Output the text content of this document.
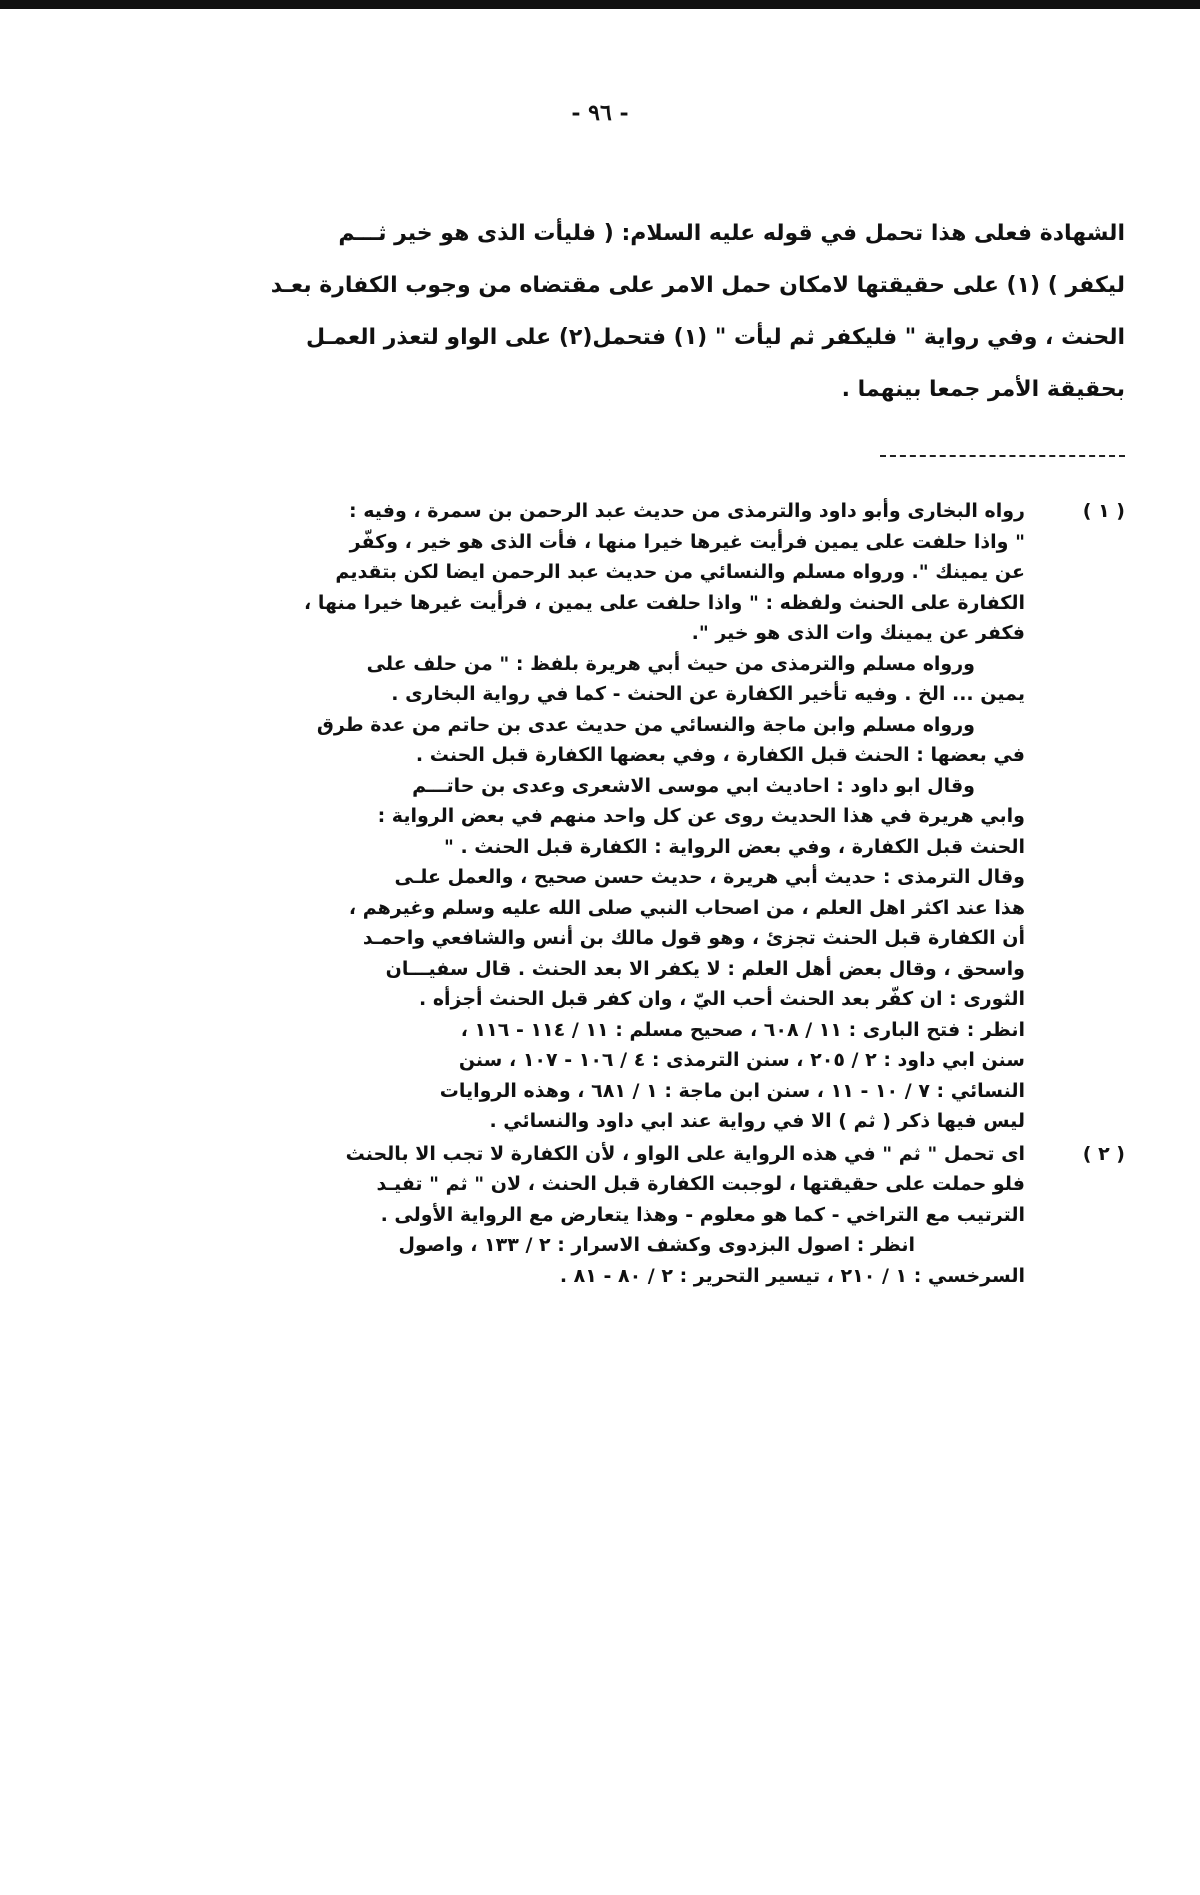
- ٩٦ -
الشهادة فعلى هذا تحمل في قوله عليه السلام: ( فليأت الذى هو خير ثـــم
ليكفر ) (١) على حقيقتها لامكان حمل الامر على مقتضاه من وجوب الكفارة بعـد
الحنث ، وفي رواية " فليكفر ثم ليأت " (١) فتحمل(٢) على الواو لتعذر العمـل
بحقيقة الأمر جمعا بينهما .
( ١ )
رواه البخارى وأبو داود والترمذى من حديث عبد الرحمن بن سمرة ، وفيه :
" واذا حلفت على يمين فرأيت غيرها خيرا منها ، فأت الذى هو خير ، وكفّر
عن يمينك ". ورواه مسلم والنسائي من حديث عبد الرحمن ايضا لكن بتقديم
الكفارة على الحنث ولفظه : " واذا حلفت على يمين ، فرأيت غيرها خيرا منها ،
فكفر عن يمينك وات الذى هو خير ".
ورواه مسلم والترمذى من حيث أبي هريرة بلفظ : " من حلف على
يمين ... الخ . وفيه تأخير الكفارة عن الحنث - كما في رواية البخارى .
ورواه مسلم وابن ماجة والنسائي من حديث عدى بن حاتم من عدة طرق
في بعضها : الحنث قبل الكفارة ، وفي بعضها الكفارة قبل الحنث .
وقال ابو داود : احاديث ابي موسى الاشعرى وعدى بن حاتـــم
وابي هريرة في هذا الحديث روى عن كل واحد منهم في بعض الرواية :
الحنث قبل الكفارة ، وفي بعض الرواية : الكفارة قبل الحنث . "
وقال الترمذى : حديث أبي هريرة ، حديث حسن صحيح ، والعمل علـى
هذا عند اكثر اهل العلم ، من اصحاب النبي صلى الله عليه وسلم وغيرهم ،
أن الكفارة قبل الحنث تجزئ ، وهو قول مالك بن أنس والشافعي واحمـد
واسحق ، وقال بعض أهل العلم : لا يكفر الا بعد الحنث . قال سفيـــان
الثورى : ان كفّر بعد الحنث أحب اليّ ، وان كفر قبل الحنث أجزأه .
انظر : فتح البارى : ١١ / ٦٠٨ ، صحيح مسلم : ١١ / ١١٤ - ١١٦ ،
سنن ابي داود : ٢ / ٢٠٥ ، سنن الترمذى : ٤ / ١٠٦ - ١٠٧ ، سنن
النسائي : ٧ / ١٠ - ١١ ، سنن ابن ماجة : ١ / ٦٨١ ، وهذه الروايات
ليس فيها ذكر ( ثم ) الا في رواية عند ابي داود والنسائي .
( ٢ )
اى تحمل " ثم " في هذه الرواية على الواو ، لأن الكفارة لا تجب الا بالحنث
فلو حملت على حقيقتها ، لوجبت الكفارة قبل الحنث ، لان " ثم " تفيـد
الترتيب مع التراخي - كما هو معلوم - وهذا يتعارض مع الرواية الأولى .
انظر : اصول البزدوى وكشف الاسرار : ٢ / ١٣٣ ، واصول
السرخسي : ١ / ٢١٠ ، تيسير التحرير : ٢ / ٨٠ - ٨١ .
